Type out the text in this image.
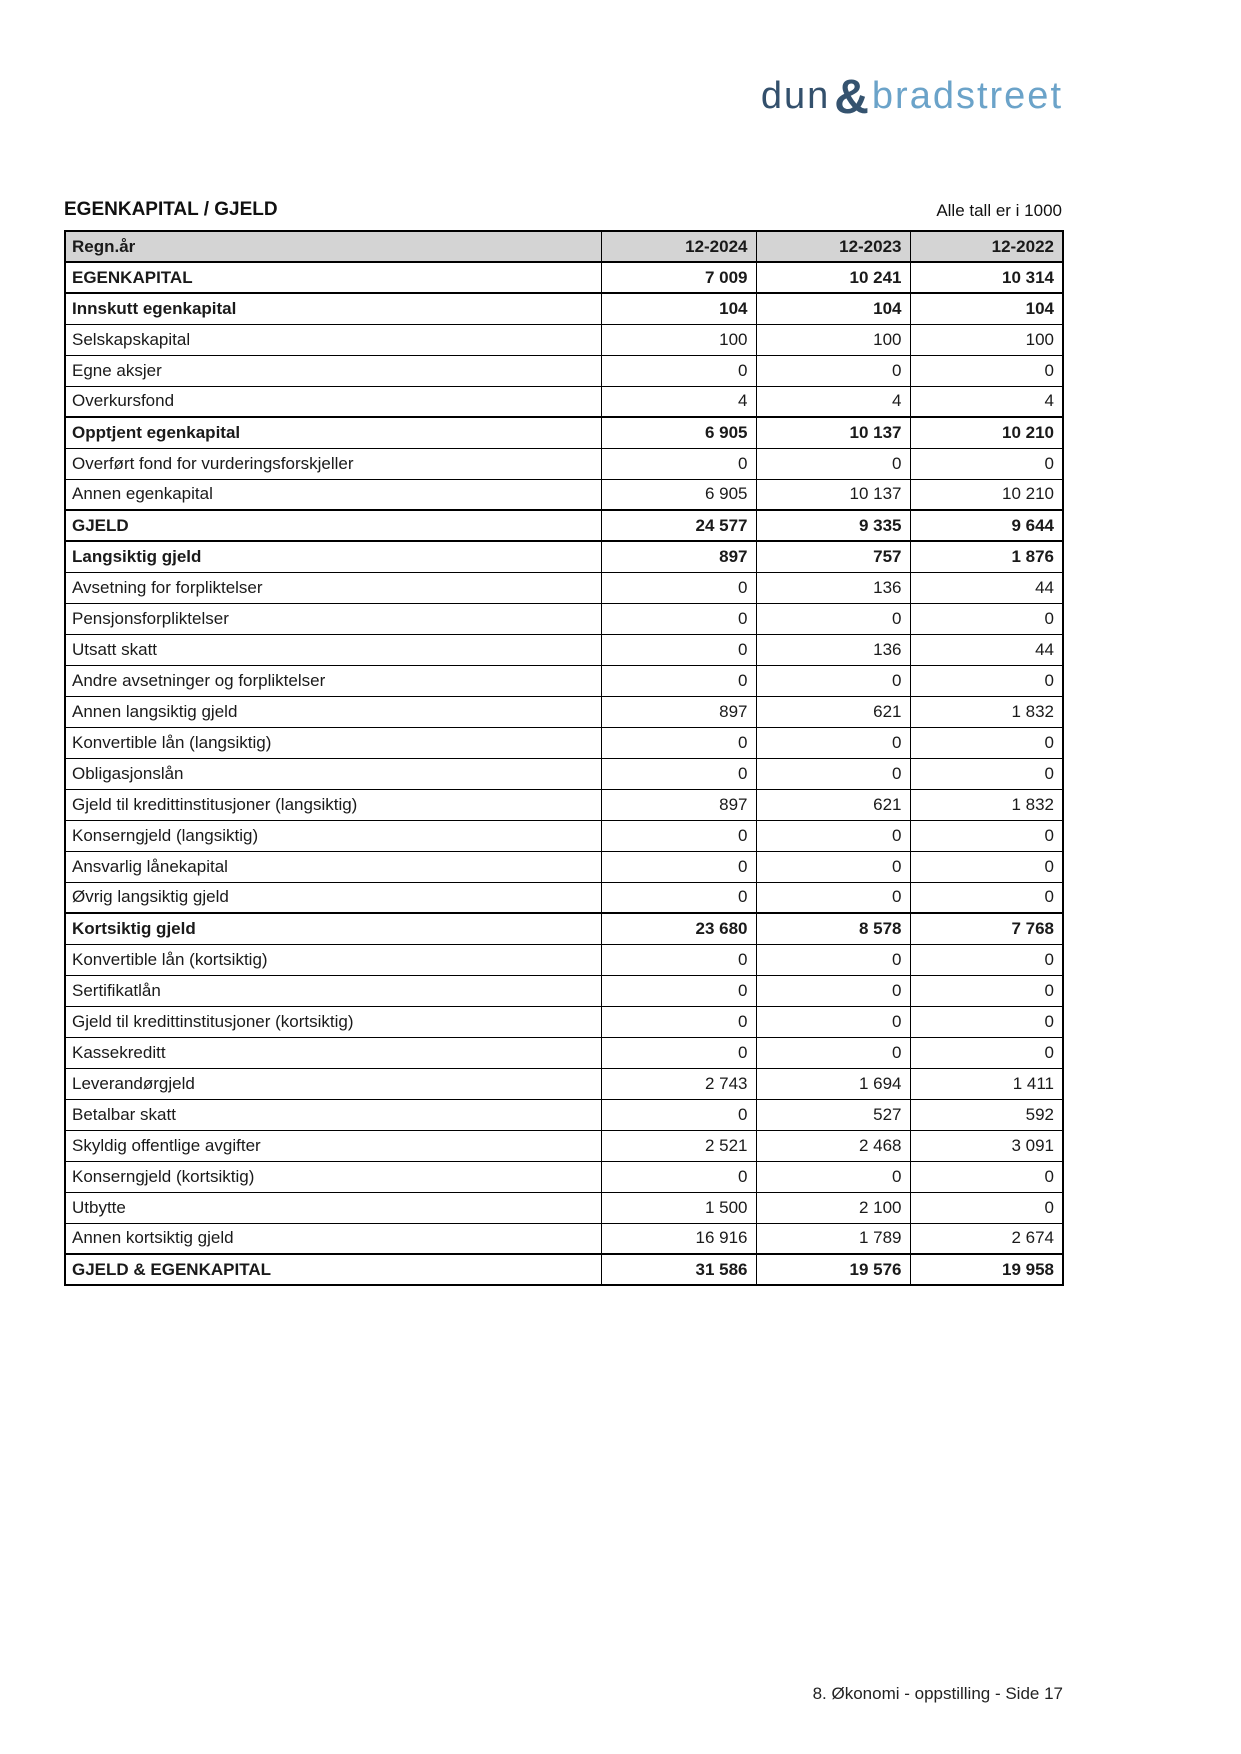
dun&bradstreet
EGENKAPITAL / GJELD	Alle tall er i 1000
Regn.år	12-2024	12-2023	12-2022
EGENKAPITAL	7 009	10 241	10 314
Innskutt egenkapital	104	104	104
Selskapskapital	100	100	100
Egne aksjer	0	0	0
Overkursfond	4	4	4
Opptjent egenkapital	6 905	10 137	10 210
Overført fond for vurderingsforskjeller	0	0	0
Annen egenkapital	6 905	10 137	10 210
GJELD	24 577	9 335	9 644
Langsiktig gjeld	897	757	1 876
Avsetning for forpliktelser	0	136	44
Pensjonsforpliktelser	0	0	0
Utsatt skatt	0	136	44
Andre avsetninger og forpliktelser	0	0	0
Annen langsiktig gjeld	897	621	1 832
Konvertible lån (langsiktig)	0	0	0
Obligasjonslån	0	0	0
Gjeld til kredittinstitusjoner (langsiktig)	897	621	1 832
Konserngjeld (langsiktig)	0	0	0
Ansvarlig lånekapital	0	0	0
Øvrig langsiktig gjeld	0	0	0
Kortsiktig gjeld	23 680	8 578	7 768
Konvertible lån (kortsiktig)	0	0	0
Sertifikatlån	0	0	0
Gjeld til kredittinstitusjoner (kortsiktig)	0	0	0
Kassekreditt	0	0	0
Leverandørgjeld	2 743	1 694	1 411
Betalbar skatt	0	527	592
Skyldig offentlige avgifter	2 521	2 468	3 091
Konserngjeld (kortsiktig)	0	0	0
Utbytte	1 500	2 100	0
Annen kortsiktig gjeld	16 916	1 789	2 674
GJELD & EGENKAPITAL	31 586	19 576	19 958
8. Økonomi - oppstilling - Side 17
